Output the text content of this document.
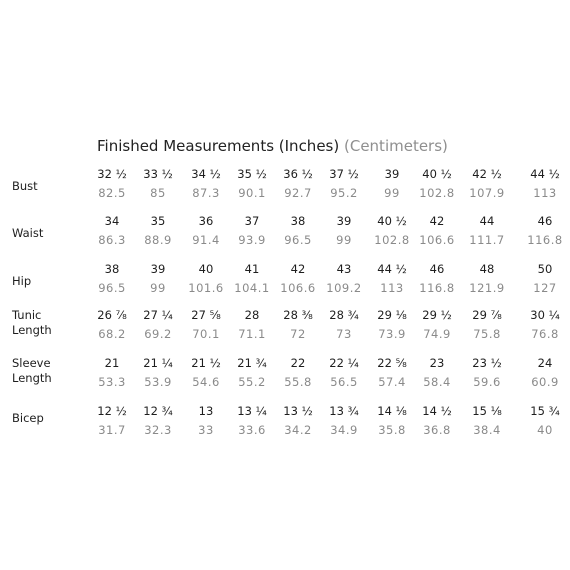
Finished Measurements (Inches) (Centimeters)
Bust
32 ½
82.5
33 ½
85
34 ½
87.3
35 ½
90.1
36 ½
92.7
37 ½
95.2
39
99
40 ½
102.8
42 ½
107.9
44 ½
113
Waist
34
86.3
35
88.9
36
91.4
37
93.9
38
96.5
39
99
40 ½
102.8
42
106.6
44
111.7
46
116.8
Hip
38
96.5
39
99
40
101.6
41
104.1
42
106.6
43
109.2
44 ½
113
46
116.8
48
121.9
50
127
Tunic
Length
26 ⅞
68.2
27 ¼
69.2
27 ⅝
70.1
28
71.1
28 ⅜
72
28 ¾
73
29 ⅛
73.9
29 ½
74.9
29 ⅞
75.8
30 ¼
76.8
Sleeve
Length
21
53.3
21 ¼
53.9
21 ½
54.6
21 ¾
55.2
22
55.8
22 ¼
56.5
22 ⅝
57.4
23
58.4
23 ½
59.6
24
60.9
Bicep	12 ½
31.7
12 ¾
32.3
13
33
13 ¼
33.6
13 ½
34.2
13 ¾
34.9
14 ⅛
35.8
14 ½
36.8
15 ⅛
38.4
15 ¾
40
